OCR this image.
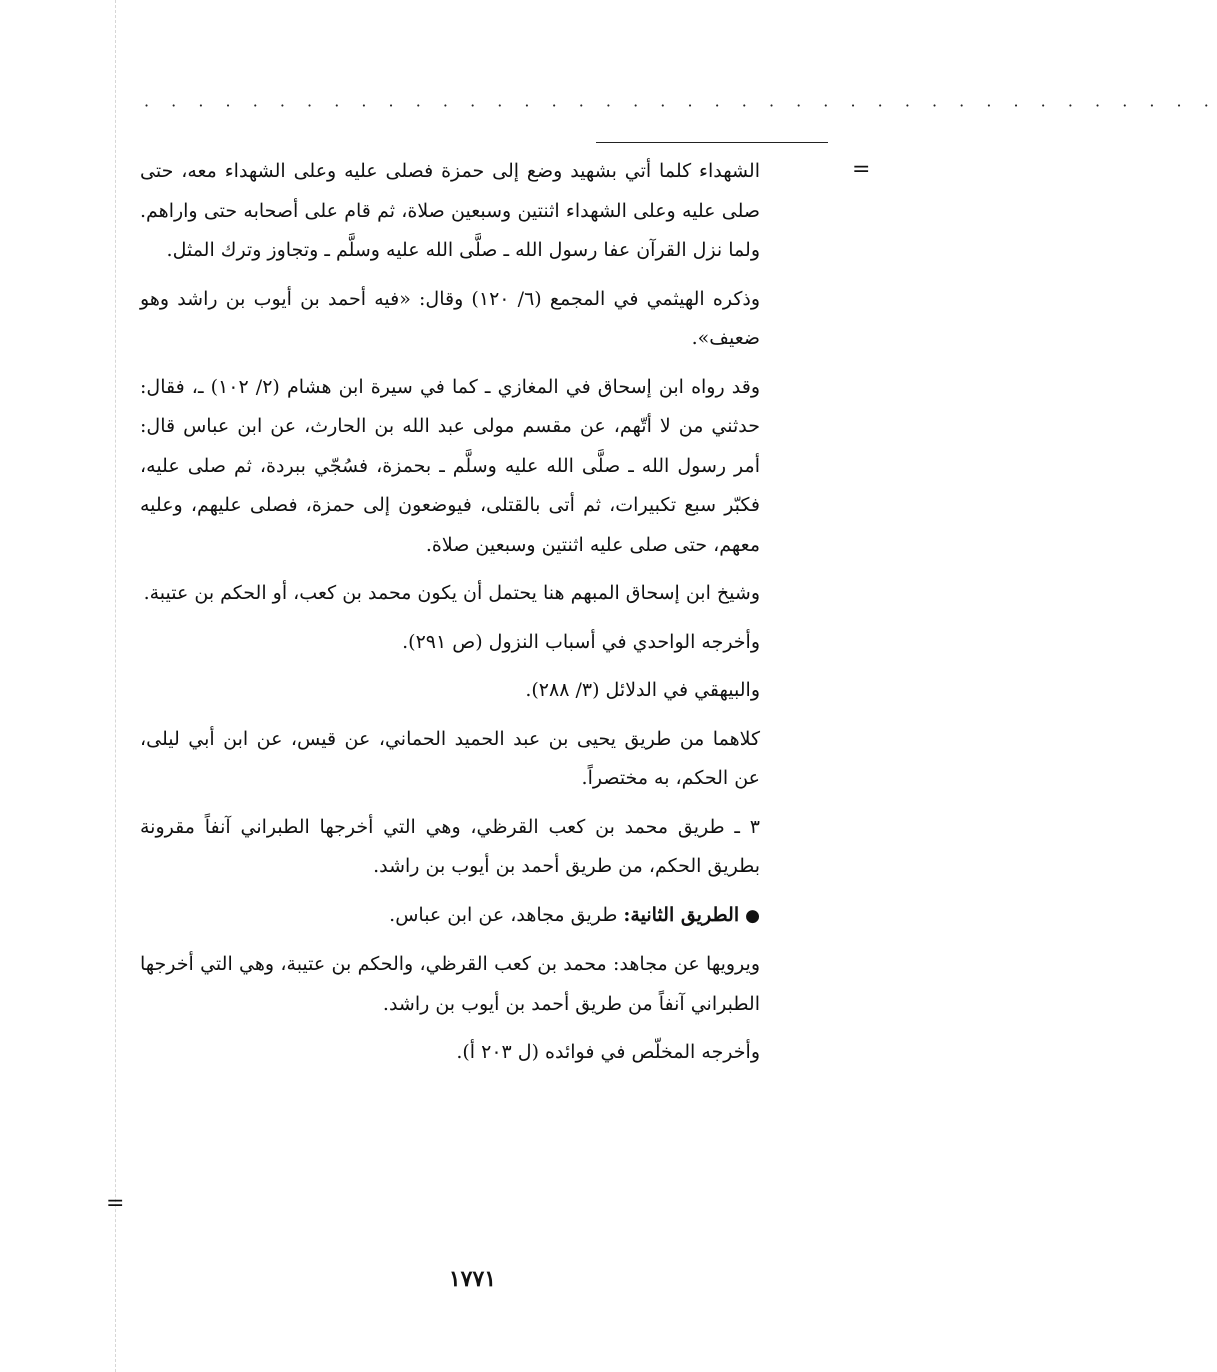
· · · · · · · · · · · · · · · · · · · · · · · · · · · · · · · · · · · · · · · ·
=

الشهداء كلما أتي بشهيد وضع إلى حمزة فصلى عليه وعلى الشهداء معه، حتى صلى عليه وعلى الشهداء اثنتين وسبعين صلاة، ثم قام على أصحابه حتى واراهم. ولما نزل القرآن عفا رسول الله ـ صلَّى الله عليه وسلَّم ـ وتجاوز وترك المثل.

وذكره الهيثمي في المجمع (٦/ ١٢٠) وقال: «فيه أحمد بن أيوب بن راشد وهو ضعيف».

وقد رواه ابن إسحاق في المغازي ـ كما في سيرة ابن هشام (٢/ ١٠٢) ـ، فقال: حدثني من لا أتّهم، عن مقسم مولى عبد الله بن الحارث، عن ابن عباس قال: أمر رسول الله ـ صلَّى الله عليه وسلَّم ـ بحمزة، فسُجّي ببردة، ثم صلى عليه، فكبّر سبع تكبيرات، ثم أتى بالقتلى، فيوضعون إلى حمزة، فصلى عليهم، وعليه معهم، حتى صلى عليه اثنتين وسبعين صلاة.

وشيخ ابن إسحاق المبهم هنا يحتمل أن يكون محمد بن كعب، أو الحكم بن عتيبة.

وأخرجه الواحدي في أسباب النزول (ص ٢٩١).

والبيهقي في الدلائل (٣/ ٢٨٨).

كلاهما من طريق يحيى بن عبد الحميد الحماني، عن قيس، عن ابن أبي ليلى، عن الحكم، به مختصراً.

٣ ـ طريق محمد بن كعب القرظي، وهي التي أخرجها الطبراني آنفاً مقرونة بطريق الحكم، من طريق أحمد بن أيوب بن راشد.

● الطريق الثانية: طريق مجاهد، عن ابن عباس.

ويرويها عن مجاهد: محمد بن كعب القرظي، والحكم بن عتيبة، وهي التي أخرجها الطبراني آنفاً من طريق أحمد بن أيوب بن راشد.

وأخرجه المخلّص في فوائده (ل ٢٠٣ أ).

=
١٧٧١
